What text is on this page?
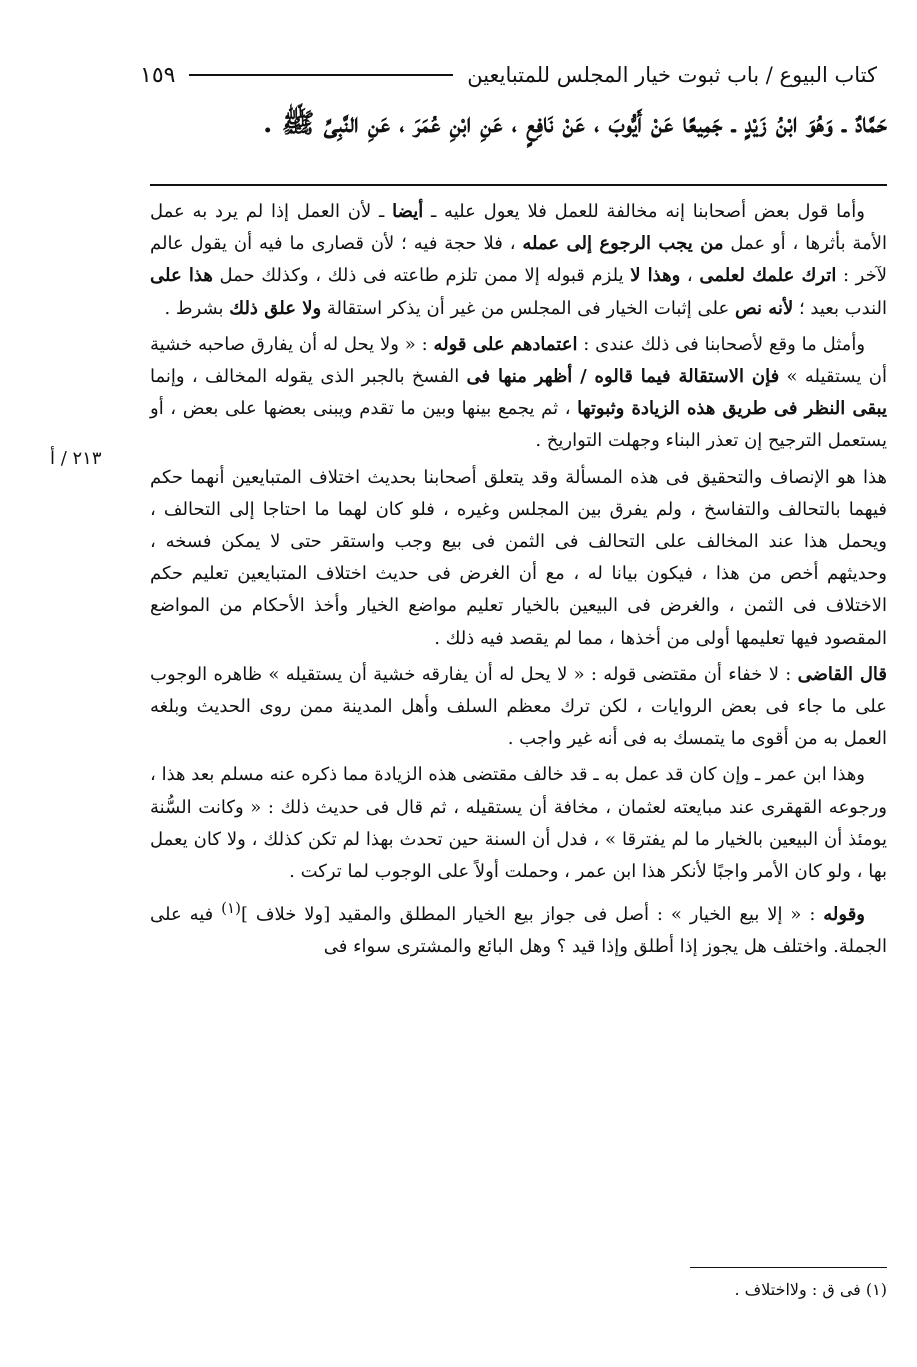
كتاب البيوع / باب ثبوت خيار المجلس للمتبايعين
١٥٩
حَمَّادٌ ـ وَهُوَ ابْنُ زَيْدٍ ـ جَمِيعًا عَنْ أَيُّوبَ ، عَنْ نَافِعٍ ، عَنِ ابْنِ عُمَرَ ، عَنِ النَّبِىِّ ﷺ .
٢١٣ / أ

وأما قول بعض أصحابنا إنه مخالفة للعمل فلا يعول عليه ـ أيضا ـ لأن العمل إذا لم يرد به عمل الأمة بأثرها ، أو عمل من يجب الرجوع إلى عمله ، فلا حجة فيه ؛ لأن قصارى ما فيه أن يقول عالم لآخر : اترك علمك لعلمى ، وهذا لا يلزم قبوله إلا ممن تلزم طاعته فى ذلك ، وكذلك حمل هذا على الندب بعيد ؛ لأنه نص على إثبات الخيار فى المجلس من غير أن يذكر استقالة ولا علق ذلك بشرط .

وأمثل ما وقع لأصحابنا فى ذلك عندى : اعتمادهم على قوله : « ولا يحل له أن يفارق صاحبه خشية أن يستقيله » فإن الاستقالة فيما قالوه / أظهر منها فى الفسخ بالجبر الذى يقوله المخالف ، وإنما يبقى النظر فى طريق هذه الزيادة وثبوتها ، ثم يجمع بينها وبين ما تقدم ويبنى بعضها على بعض ، أو يستعمل الترجيح إن تعذر البناء وجهلت التواريخ .

هذا هو الإنصاف والتحقيق فى هذه المسألة وقد يتعلق أصحابنا بحديث اختلاف المتبايعين أنهما حكم فيهما بالتحالف والتفاسخ ، ولم يفرق بين المجلس وغيره ، فلو كان لهما ما احتاجا إلى التحالف ، ويحمل هذا عند المخالف على التحالف فى الثمن فى بيع وجب واستقر حتى لا يمكن فسخه ، وحديثهم أخص من هذا ، فيكون بيانا له ، مع أن الغرض فى حديث اختلاف المتبايعين تعليم حكم الاختلاف فى الثمن ، والغرض فى البيعين بالخيار تعليم مواضع الخيار وأخذ الأحكام من المواضع المقصود فيها تعليمها أولى من أخذها ، مما لم يقصد فيه ذلك .

قال القاضى : لا خفاء أن مقتضى قوله : « لا يحل له أن يفارقه خشية أن يستقيله » ظاهره الوجوب على ما جاء فى بعض الروايات ، لكن ترك معظم السلف وأهل المدينة ممن روى الحديث وبلغه العمل به من أقوى ما يتمسك به فى أنه غير واجب .

وهذا ابن عمر ـ وإن كان قد عمل به ـ قد خالف مقتضى هذه الزيادة مما ذكره عنه مسلم بعد هذا ، ورجوعه القهقرى عند مبايعته لعثمان ، مخافة أن يستقيله ، ثم قال فى حديث ذلك : « وكانت السُّنة يومئذ أن البيعين بالخيار ما لم يفترقا » ، فدل أن السنة حين تحدث بهذا لم تكن كذلك ، ولا كان يعمل بها ، ولو كان الأمر واجبًا لأنكر هذا ابن عمر ، وحملت أولاً على الوجوب لما تركت .

وقوله : « إلا بيع الخيار » : أصل فى جواز بيع الخيار المطلق والمقيد [ولا خلاف ]$^{(١)}$ فيه على الجملة. واختلف هل يجوز إذا أطلق وإذا قيد ؟ وهل البائع والمشترى سواء فى

(١) فى ق : ولااختلاف .
